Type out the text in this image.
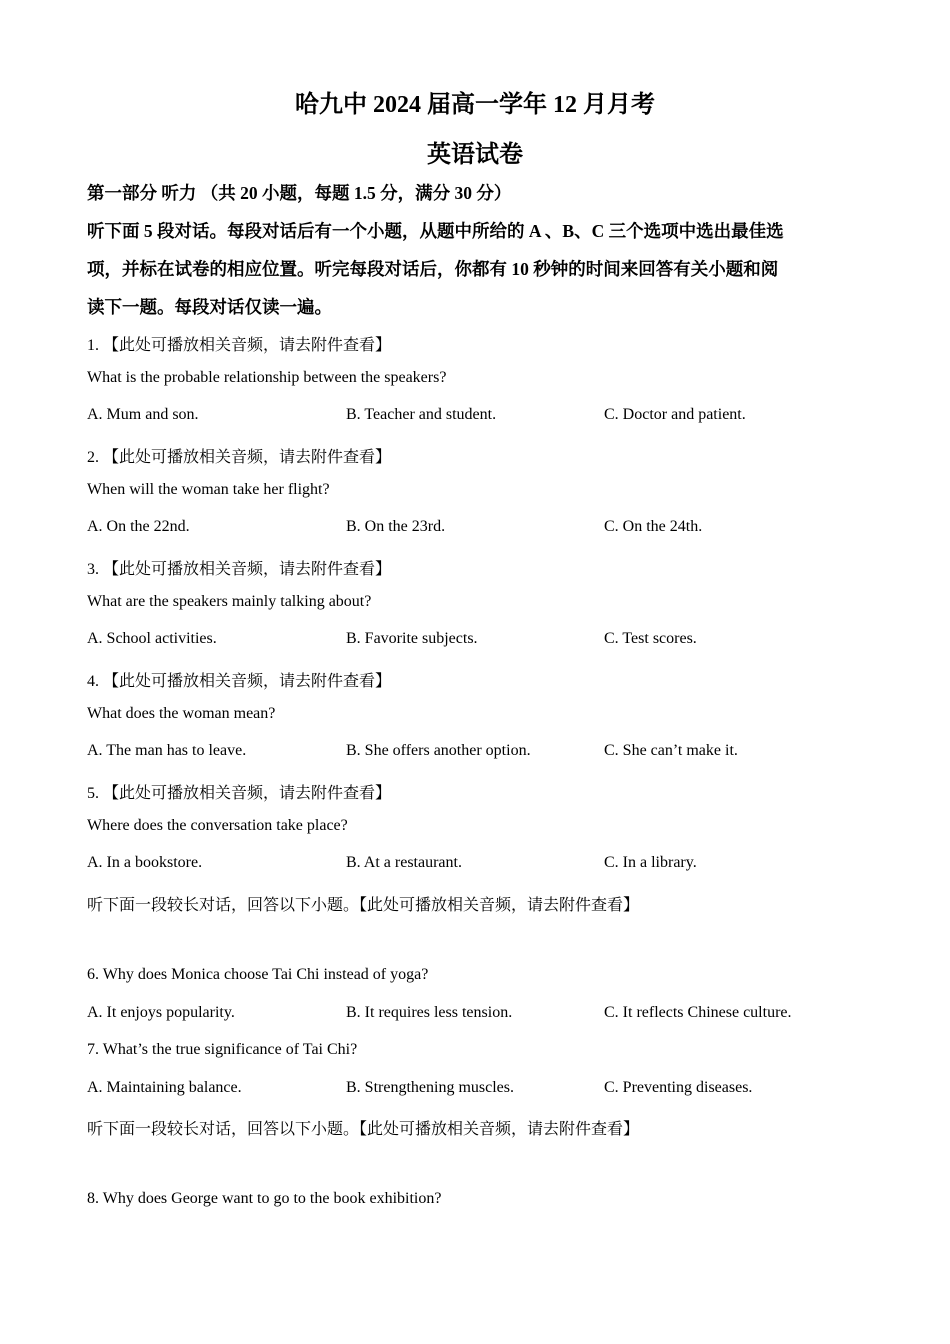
哈九中 2024 届高一学年 12 月月考
英语试卷
第一部分 听力 （共 20 小题，每题 1.5 分，满分 30 分）
听下面 5 段对话。每段对话后有一个小题，从题中所给的 A 、B、C 三个选项中选出最佳选
项，并标在试卷的相应位置。听完每段对话后，你都有 10 秒钟的时间来回答有关小题和阅
读下一题。每段对话仅读一遍。
1. 【此处可播放相关音频，请去附件查看】
What is the probable relationship between the speakers?
A. Mum and son.	B. Teacher and student.	C. Doctor and patient.
2. 【此处可播放相关音频，请去附件查看】
When will the woman take her flight?
A. On the 22nd.	B. On the 23rd.	C. On the 24th.
3. 【此处可播放相关音频，请去附件查看】
What are the speakers mainly talking about?
A. School activities.	B. Favorite subjects.	C. Test scores.
4. 【此处可播放相关音频，请去附件查看】
What does the woman mean?
A. The man has to leave.	B. She offers another option.	C. She can’t make it.
5. 【此处可播放相关音频，请去附件查看】
Where does the conversation take place?
A. In a bookstore.	B. At a restaurant.	C. In a library.
听下面一段较长对话，回答以下小题。【此处可播放相关音频，请去附件查看】
6. Why does Monica choose Tai Chi instead of yoga?
A. It enjoys popularity.	B. It requires less tension.	C. It reflects Chinese culture.
7. What’s the true significance of Tai Chi?
A. Maintaining balance.	B. Strengthening muscles.	C. Preventing diseases.
听下面一段较长对话，回答以下小题。【此处可播放相关音频，请去附件查看】
8. Why does George want to go to the book exhibition?
